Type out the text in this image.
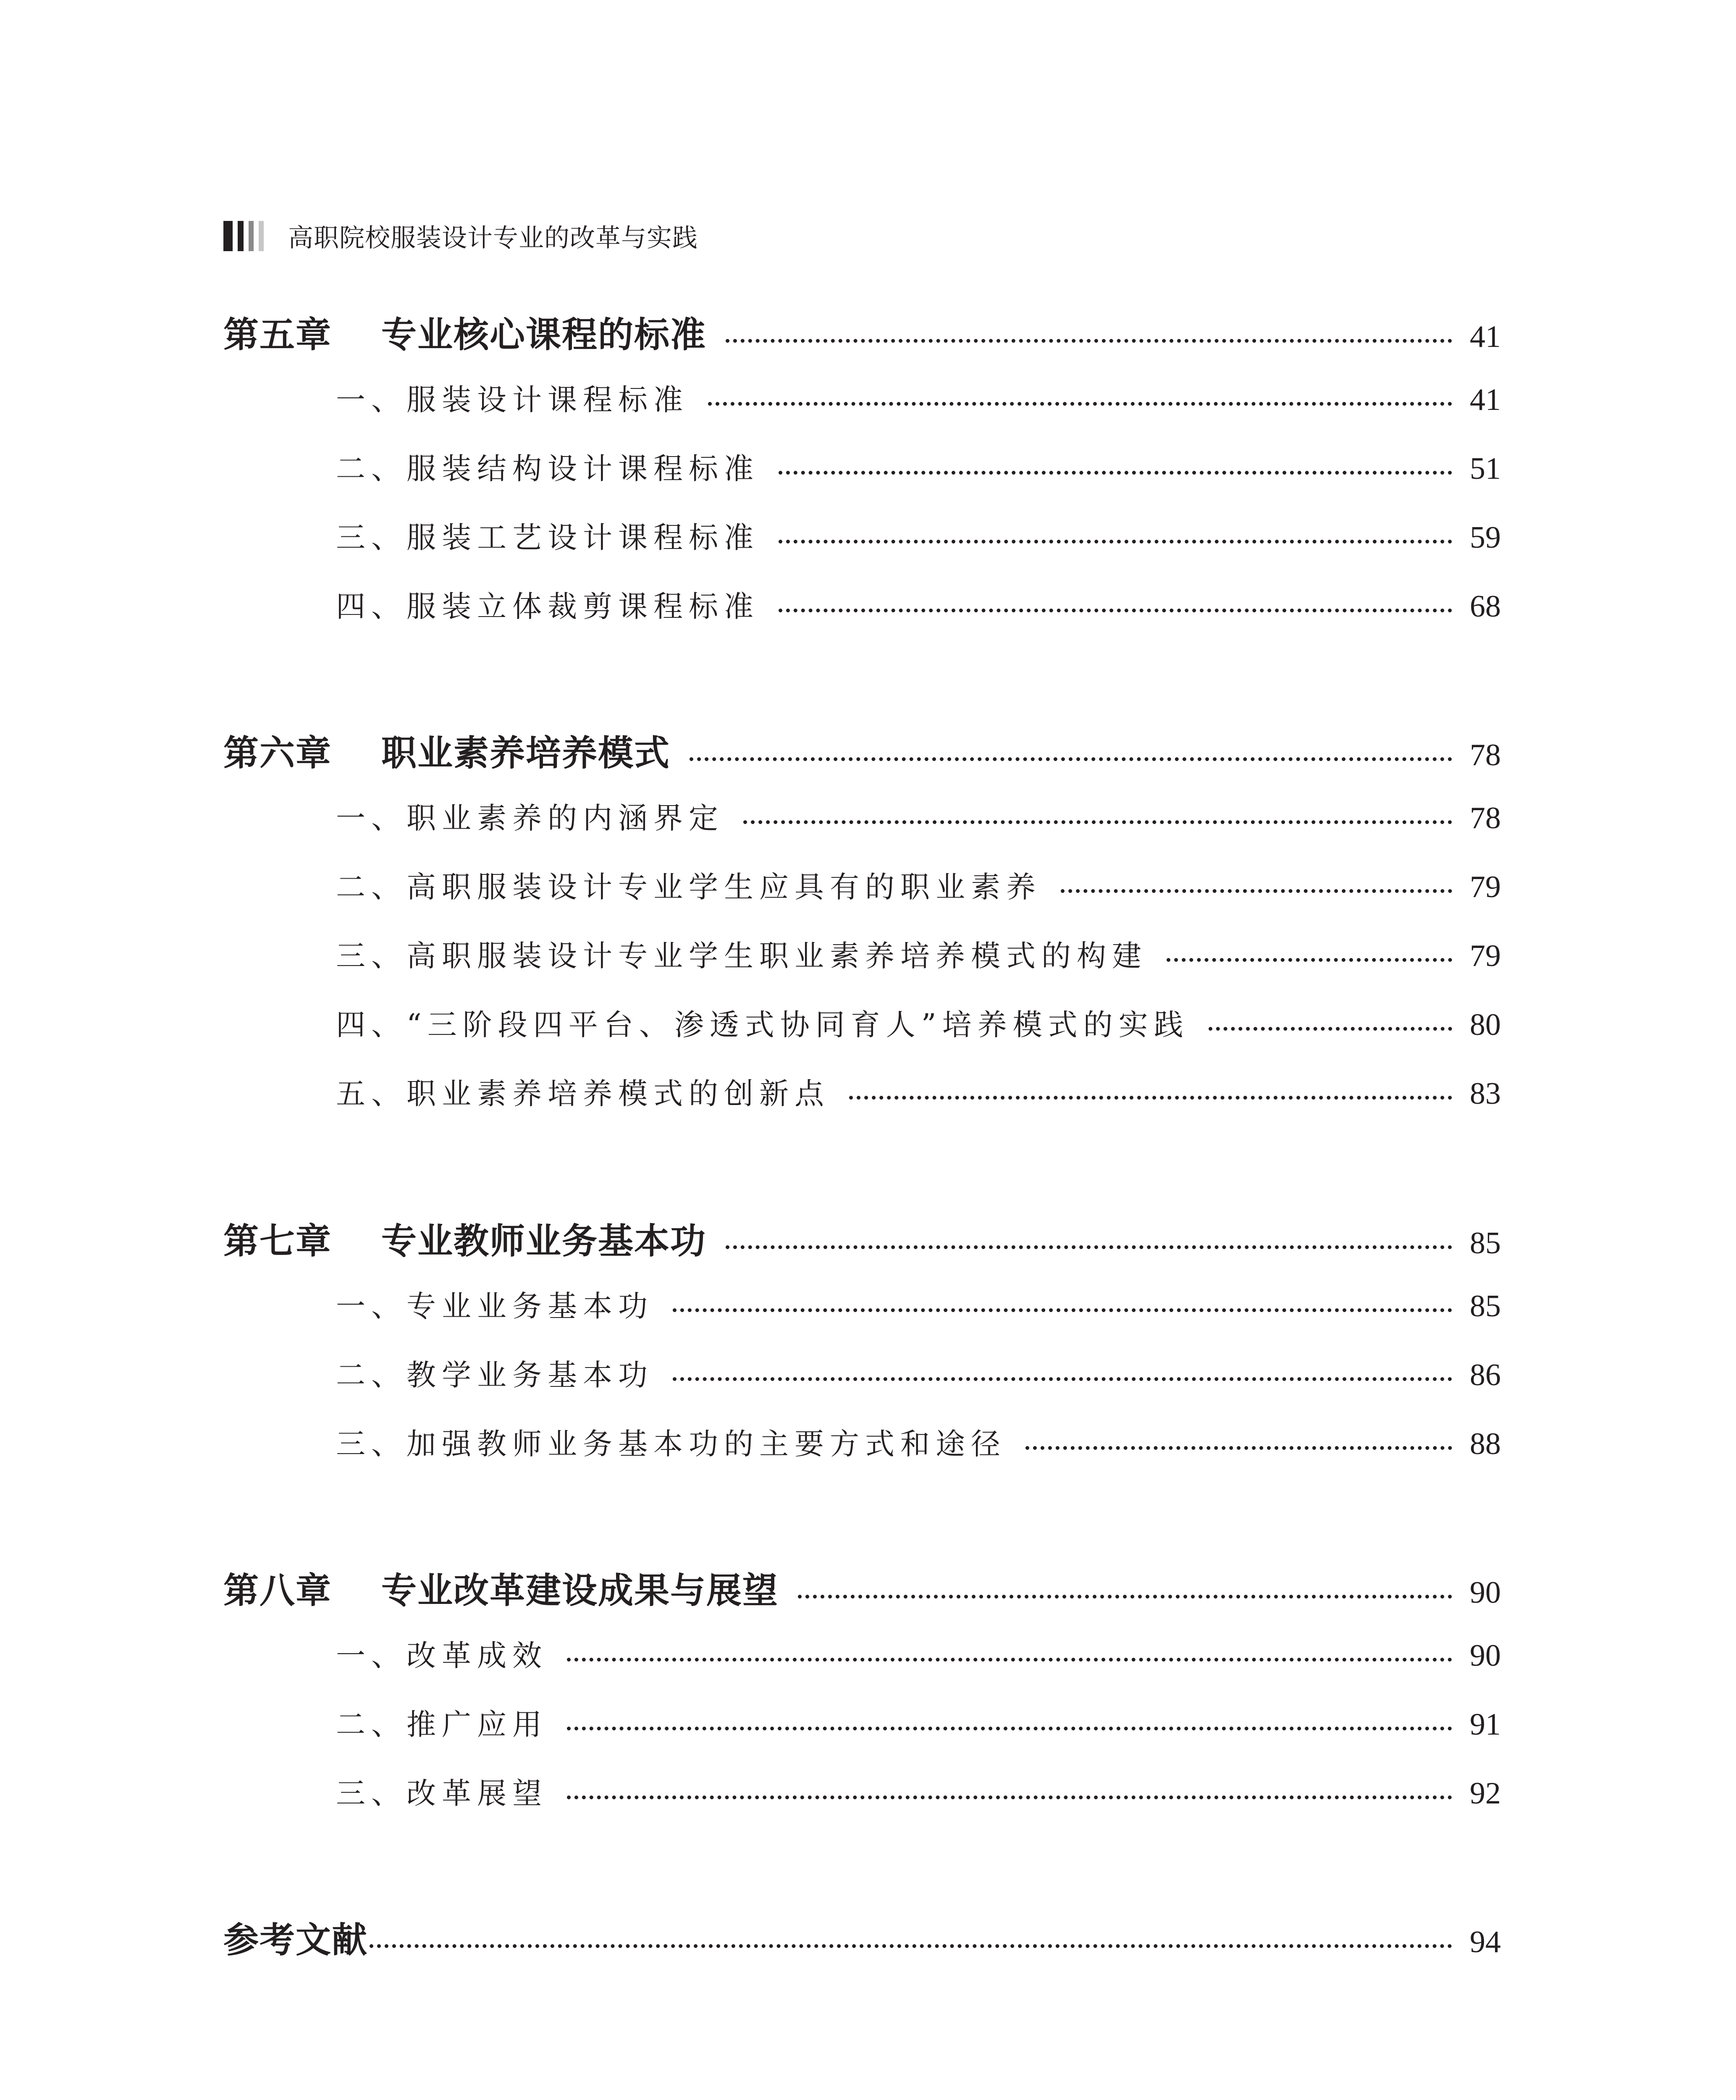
高职院校服装设计专业的改革与实践
第五章 专业核心课程的标准	41
一、服装设计课程标准	41
二、服装结构设计课程标准	51
三、服装工艺设计课程标准	59
四、服装立体裁剪课程标准	68
第六章 职业素养培养模式	78
一、职业素养的内涵界定	78
二、高职服装设计专业学生应具有的职业素养	79
三、高职服装设计专业学生职业素养培养模式的构建	79
四、“三阶段四平台、渗透式协同育人”培养模式的实践	80
五、职业素养培养模式的创新点	83
第七章 专业教师业务基本功	85
一、专业业务基本功	85
二、教学业务基本功	86
三、加强教师业务基本功的主要方式和途径	88
第八章 专业改革建设成果与展望	90
一、改革成效	90
二、推广应用	91
三、改革展望	92
参考文献	94
